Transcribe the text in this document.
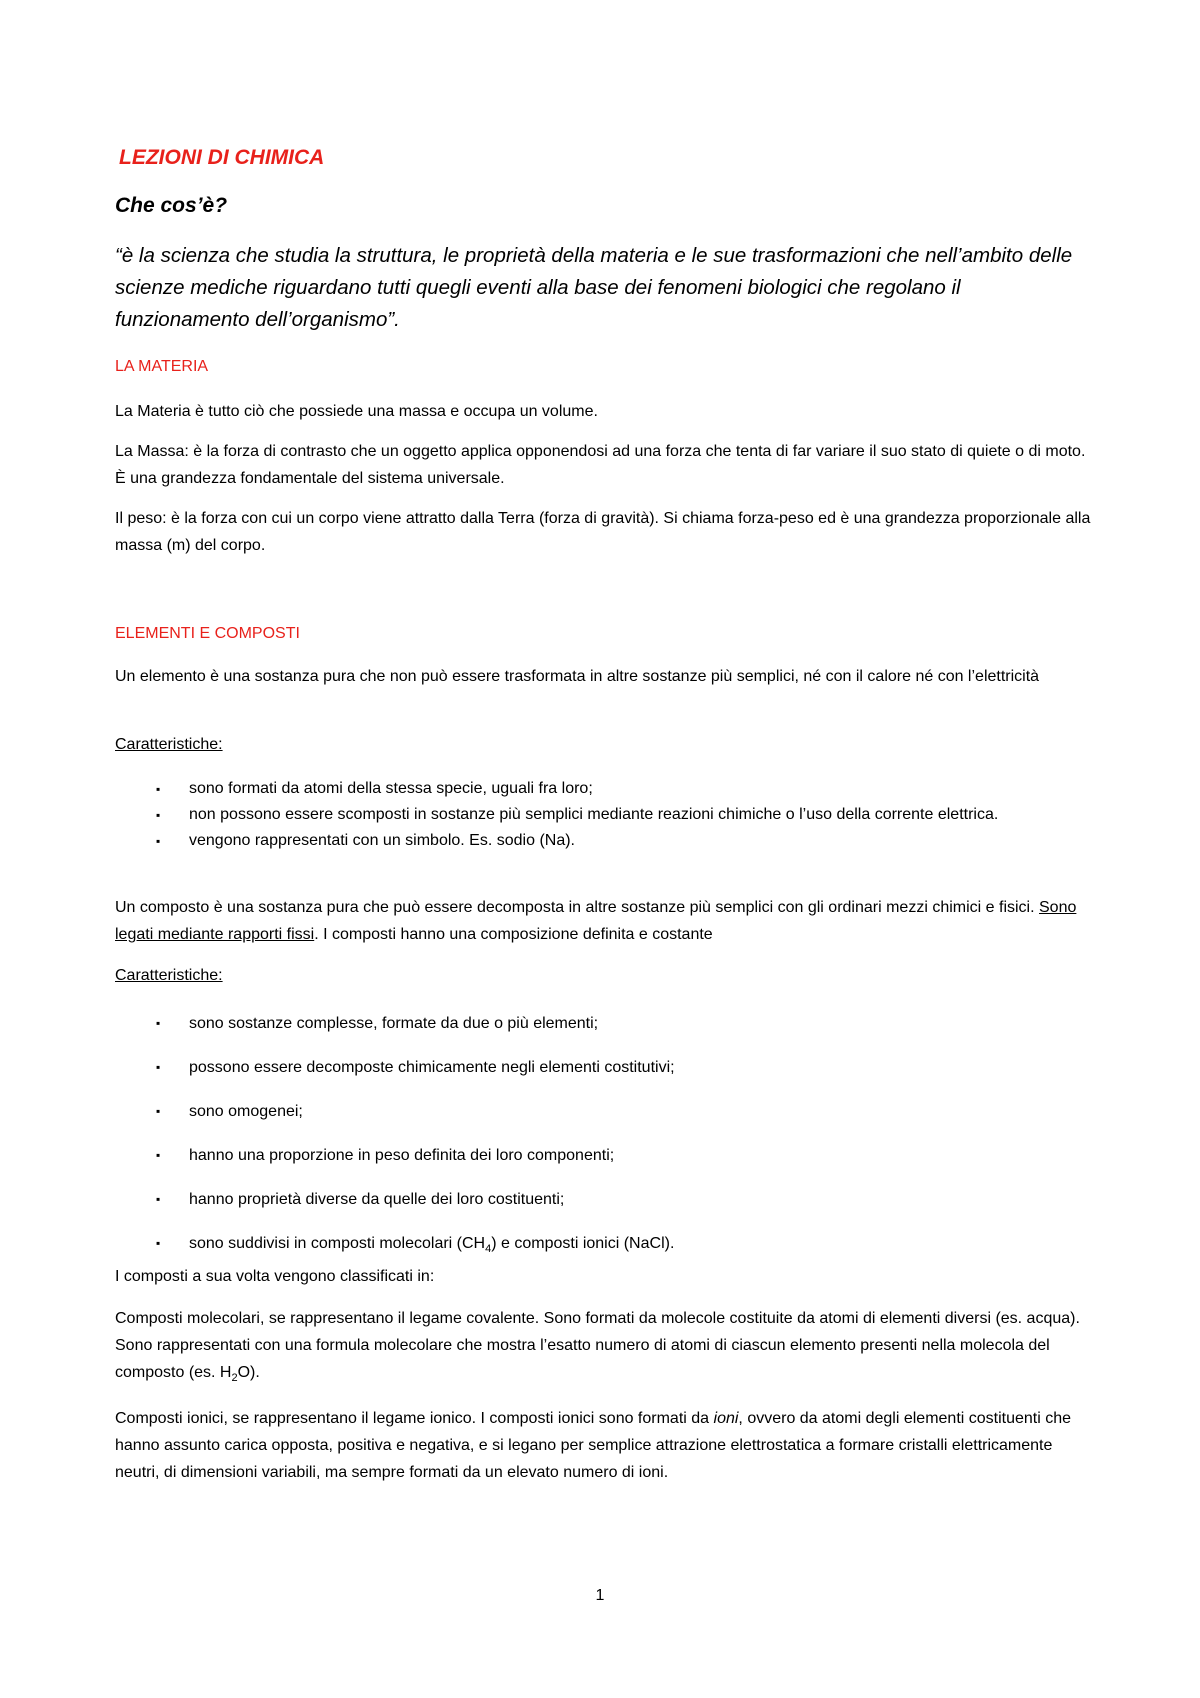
LEZIONI DI CHIMICA
Che cos’è?
“è la scienza che studia la struttura, le proprietà della materia e le sue trasformazioni che nell’ambito delle scienze mediche riguardano tutti quegli eventi alla base dei fenomeni biologici che regolano il funzionamento dell’organismo”.
LA MATERIA
La Materia è tutto ciò che possiede una massa e occupa un volume.
La Massa: è la forza di contrasto che un oggetto applica opponendosi ad una forza che tenta di far variare il suo stato di quiete o di moto. È una grandezza fondamentale del sistema universale.
Il peso: è la forza con cui un corpo viene attratto dalla Terra (forza di gravità). Si chiama forza-peso ed è una grandezza proporzionale alla massa (m) del corpo.
ELEMENTI E COMPOSTI
Un elemento è una sostanza pura che non può essere trasformata in altre sostanze più semplici, né con il calore né con l’elettricità
Caratteristiche:
▪ sono formati da atomi della stessa specie, uguali fra loro;
▪ non possono essere scomposti in sostanze più semplici mediante reazioni chimiche o l’uso della corrente elettrica.
▪ vengono rappresentati con un simbolo. Es. sodio (Na).
Un composto è una sostanza pura che può essere decomposta in altre sostanze più semplici con gli ordinari mezzi chimici e fisici. Sono legati mediante rapporti fissi. I composti hanno una composizione definita e costante
Caratteristiche:
▪ sono sostanze complesse, formate da due o più elementi;
▪ possono essere decomposte chimicamente negli elementi costitutivi;
▪ sono omogenei;
▪ hanno una proporzione in peso definita dei loro componenti;
▪ hanno proprietà diverse da quelle dei loro costituenti;
▪ sono suddivisi in composti molecolari $(CH_4)$ e composti ionici (NaCl).
I composti a sua volta vengono classificati in:
Composti molecolari, se rappresentano il legame covalente. Sono formati da molecole costituite da atomi di elementi diversi (es. acqua). Sono rappresentati con una formula molecolare che mostra l’esatto numero di atomi di ciascun elemento presenti nella molecola del composto (es. $H_2O$).
Composti ionici, se rappresentano il legame ionico. I composti ionici sono formati da ioni, ovvero da atomi degli elementi costituenti che hanno assunto carica opposta, positiva e negativa, e si legano per semplice attrazione elettrostatica a formare cristalli elettricamente neutri, di dimensioni variabili, ma sempre formati da un elevato numero di ioni.
1
